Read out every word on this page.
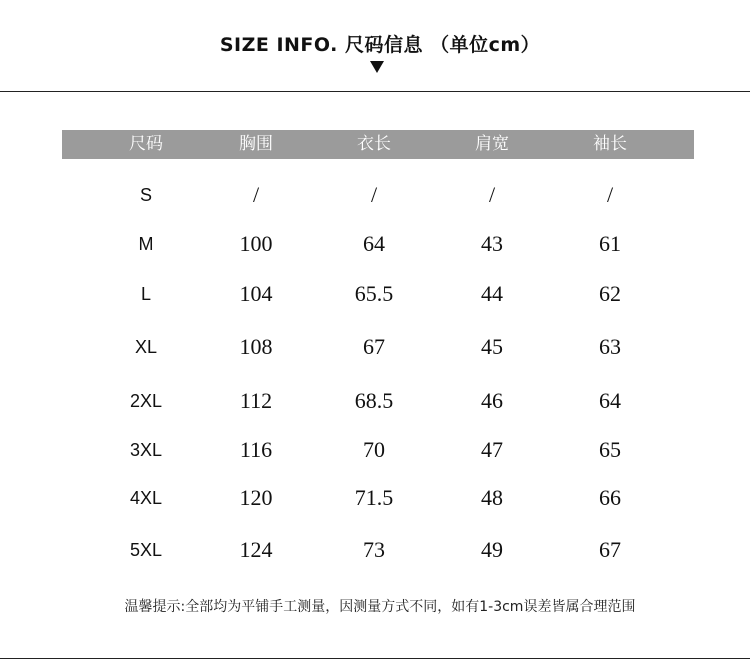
SIZE INFO. 尺码信息 （单位cm）
尺码	胸围	衣长	肩宽	袖长
S	/	/	/	/
M	100	64	43	61
L	104	65.5	44	62
XL	108	67	45	63
2XL	112	68.5	46	64
3XL	116	70	47	65
4XL	120	71.5	48	66
5XL	124	73	49	67
温馨提示:全部均为平铺手工测量，因测量方式不同，如有1-3cm误差皆属合理范围
